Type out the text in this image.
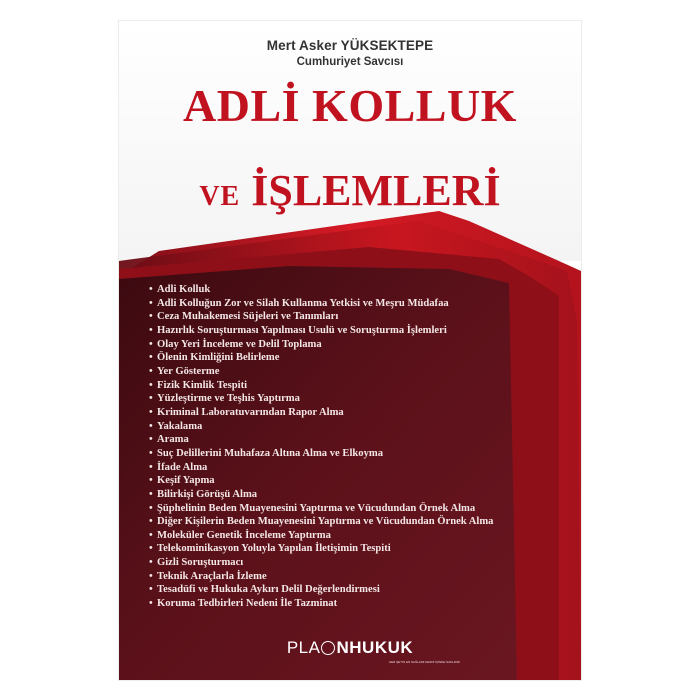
Mert Asker YÜKSEKTEPE
Cumhuriyet Savcısı
ADLİ KOLLUK
VE İŞLEMLERİ
• Adli Kolluk
• Adli Kolluğun Zor ve Silah Kullanma Yetkisi ve Meşru Müdafaa
• Ceza Muhakemesi Süjeleri ve Tanımları
• Hazırlık Soruşturması Yapılması Usulü ve Soruşturma İşlemleri
• Olay Yeri İnceleme ve Delil Toplama
• Ölenin Kimliğini Belirleme
• Yer Gösterme
• Fizik Kimlik Tespiti
• Yüzleştirme ve Teşhis Yaptırma
• Kriminal Laboratuvarından Rapor Alma
• Yakalama
• Arama
• Suç Delillerini Muhafaza Altına Alma ve Elkoyma
• İfade Alma
• Keşif Yapma
• Bilirkişi Görüşü Alma
• Şüphelinin Beden Muayenesini Yaptırma ve Vücudundan Örnek Alma
• Diğer Kişilerin Beden Muayenesini Yaptırma ve Vücudundan Örnek Alma
• Moleküler Genetik İnceleme Yaptırma
• Telekominikasyon Yoluyla Yapılan İletişimin Tespiti
• Gizli Soruşturmacı
• Teknik Araçlarla İzleme
• Tesadüfi ve Hukuka Aykırı Delil Değerlendirmesi
• Koruma Tedbirleri Nedeni İle Tazminat
PLA NHUKUK
HER ŞEYİN EN SAĞLAMI KENDİ İÇİNDE SAKLIDIR
